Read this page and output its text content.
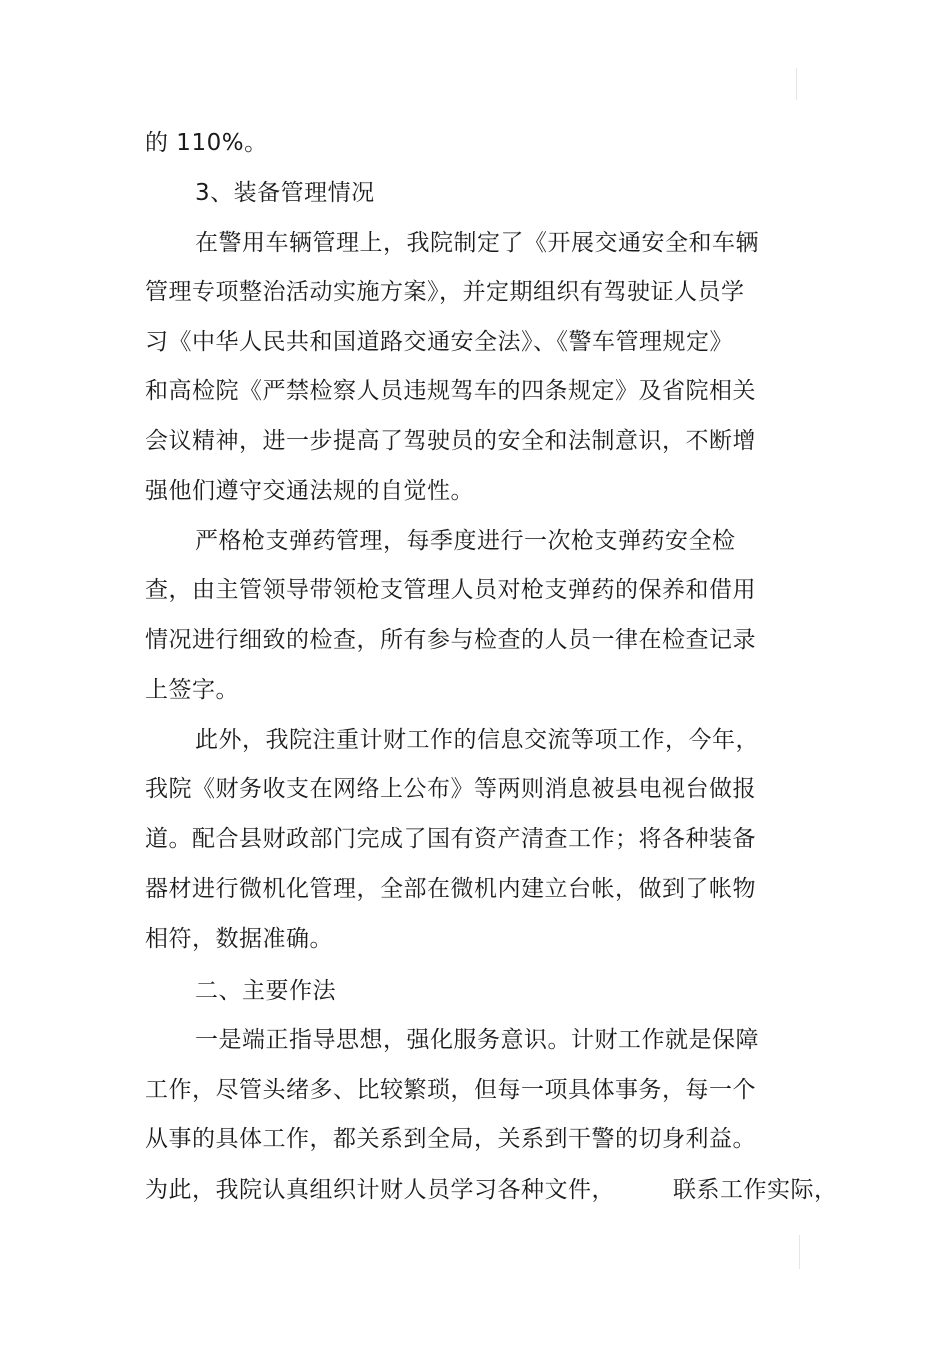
的 110%。
3、装备管理情况
在警用车辆管理上，我院制定了《开展交通安全和车辆
管理专项整治活动实施方案》，并定期组织有驾驶证人员学
习《中华人民共和国道路交通安全法》、《警车管理规定》
和高检院《严禁检察人员违规驾车的四条规定》及省院相关
会议精神，进一步提高了驾驶员的安全和法制意识，不断增
强他们遵守交通法规的自觉性。
严格枪支弹药管理，每季度进行一次枪支弹药安全检
查，由主管领导带领枪支管理人员对枪支弹药的保养和借用
情况进行细致的检查，所有参与检查的人员一律在检查记录
上签字。
此外，我院注重计财工作的信息交流等项工作，今年，
我院《财务收支在网络上公布》等两则消息被县电视台做报
道。配合县财政部门完成了国有资产清查工作；将各种装备
器材进行微机化管理，全部在微机内建立台帐，做到了帐物
相符，数据准确。
二、主要作法
一是端正指导思想，强化服务意识。计财工作就是保障
工作，尽管头绪多、比较繁琐，但每一项具体事务，每一个
从事的具体工作，都关系到全局，关系到干警的切身利益。
为此，我院认真组织计财人员学习各种文件，	联系工作实际，
